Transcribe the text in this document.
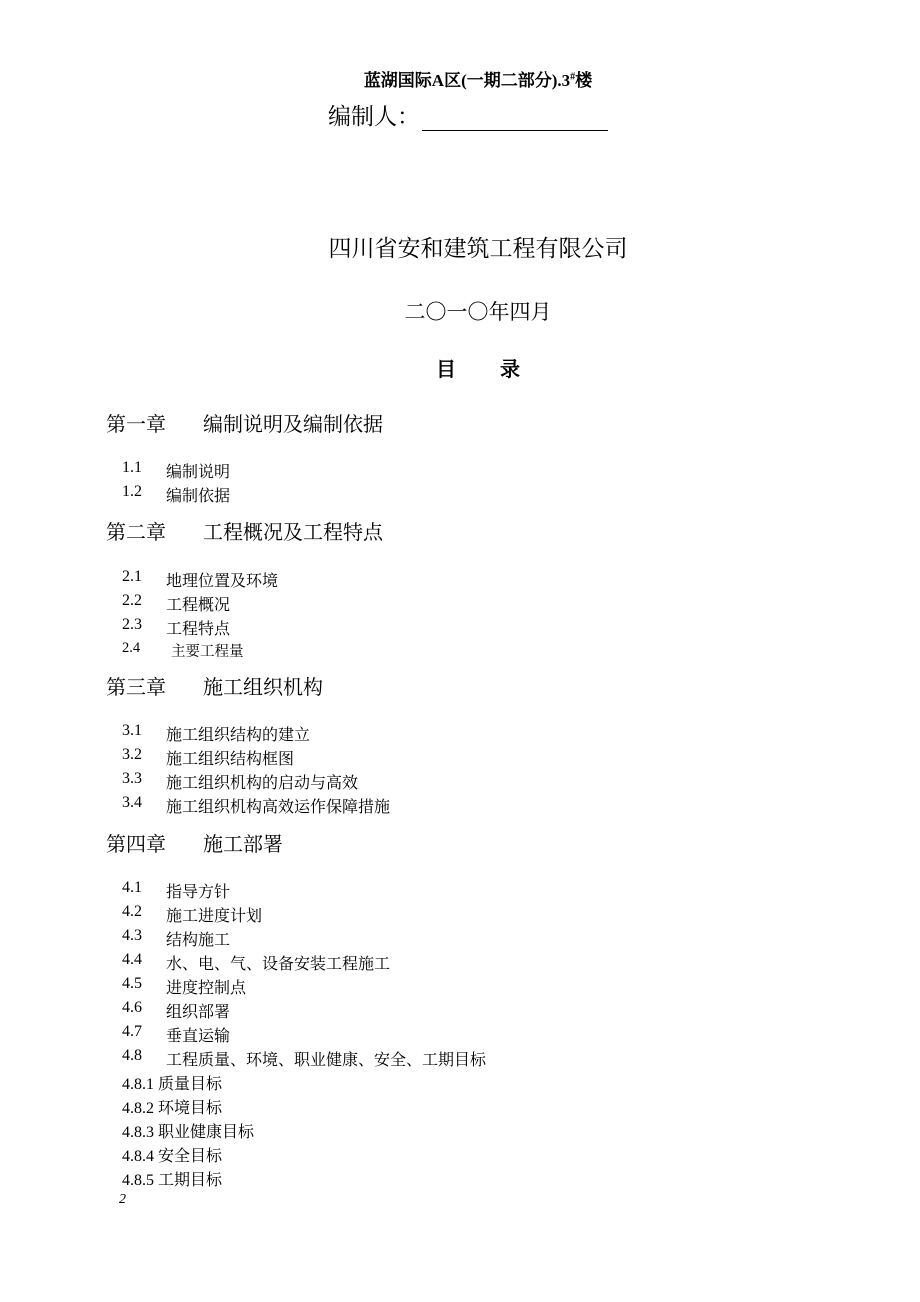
蓝湖国际A区(一期二部分).3#楼
编制人：
四川省安和建筑工程有限公司
二〇一〇年四月
目 录
第一章 编制说明及编制依据
1.1 编制说明
1.2 编制依据
第二章 工程概况及工程特点
2.1 地理位置及环境
2.2 工程概况
2.3 工程特点
2.4 主要工程量
第三章 施工组织机构
3.1 施工组织结构的建立
3.2 施工组织结构框图
3.3 施工组织机构的启动与高效
3.4 施工组织机构高效运作保障措施
第四章 施工部署
4.1 指导方针
4.2 施工进度计划
4.3 结构施工
4.4 水、电、气、设备安装工程施工
4.5 进度控制点
4.6 组织部署
4.7 垂直运输
4.8 工程质量、环境、职业健康、安全、工期目标
4.8.1 质量目标
4.8.2 环境目标
4.8.3 职业健康目标
4.8.4 安全目标
4.8.5 工期目标
2
